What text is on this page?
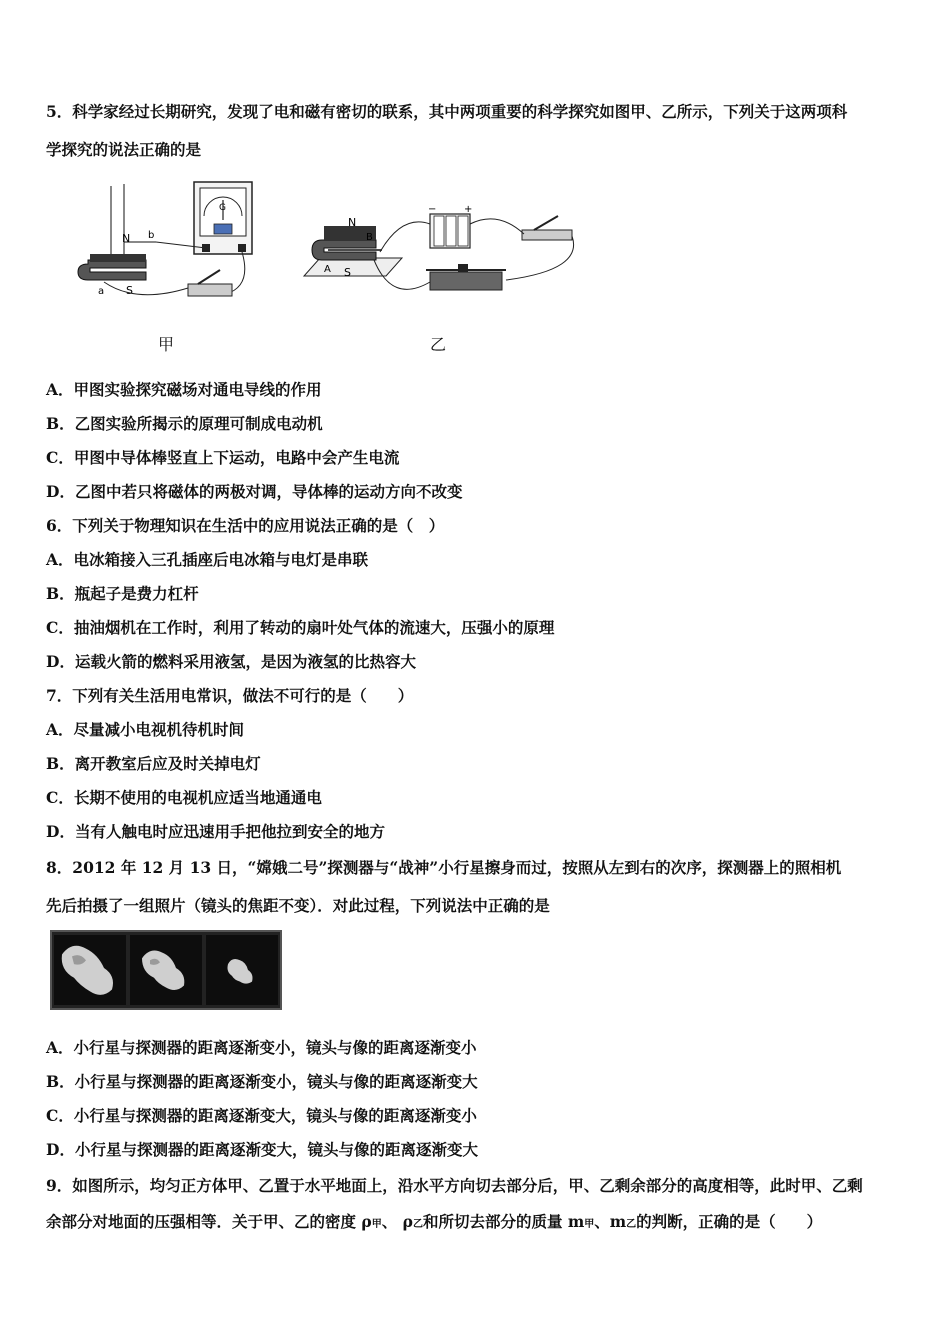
5．科学家经过长期研究，发现了电和磁有密切的联系，其中两项重要的科学探究如图甲、乙所示，下列关于这两项科
学探究的说法正确的是
G
N
S
a
b
甲
N
S
A
B
−	+
乙
A．甲图实验探究磁场对通电导线的作用
B．乙图实验所揭示的原理可制成电动机
C．甲图中导体棒竖直上下运动，电路中会产生电流
D．乙图中若只将磁体的两极对调，导体棒的运动方向不改变
6．下列关于物理知识在生活中的应用说法正确的是（　）
A．电冰箱接入三孔插座后电冰箱与电灯是串联
B．瓶起子是费力杠杆
C．抽油烟机在工作时，利用了转动的扇叶处气体的流速大，压强小的原理
D．运载火箭的燃料采用液氢，是因为液氢的比热容大
7．下列有关生活用电常识，做法不可行的是（　　）
A．尽量减小电视机待机时间
B．离开教室后应及时关掉电灯
C．长期不使用的电视机应适当地通通电
D．当有人触电时应迅速用手把他拉到安全的地方
8．2012 年 12 月 13 日，“嫦娥二号”探测器与“战神”小行星擦身而过，按照从左到右的次序，探测器上的照相机
先后拍摄了一组照片（镜头的焦距不变）．对此过程，下列说法中正确的是
A．小行星与探测器的距离逐渐变小，镜头与像的距离逐渐变小
B．小行星与探测器的距离逐渐变小，镜头与像的距离逐渐变大
C．小行星与探测器的距离逐渐变大，镜头与像的距离逐渐变小
D．小行星与探测器的距离逐渐变大，镜头与像的距离逐渐变大
9．如图所示，均匀正方体甲、乙置于水平地面上，沿水平方向切去部分后，甲、乙剩余部分的高度相等，此时甲、乙剩
余部分对地面的压强相等．关于甲、乙的密度 ρ甲、 ρ乙和所切去部分的质量 m甲、m乙的判断，正确的是（　　）
